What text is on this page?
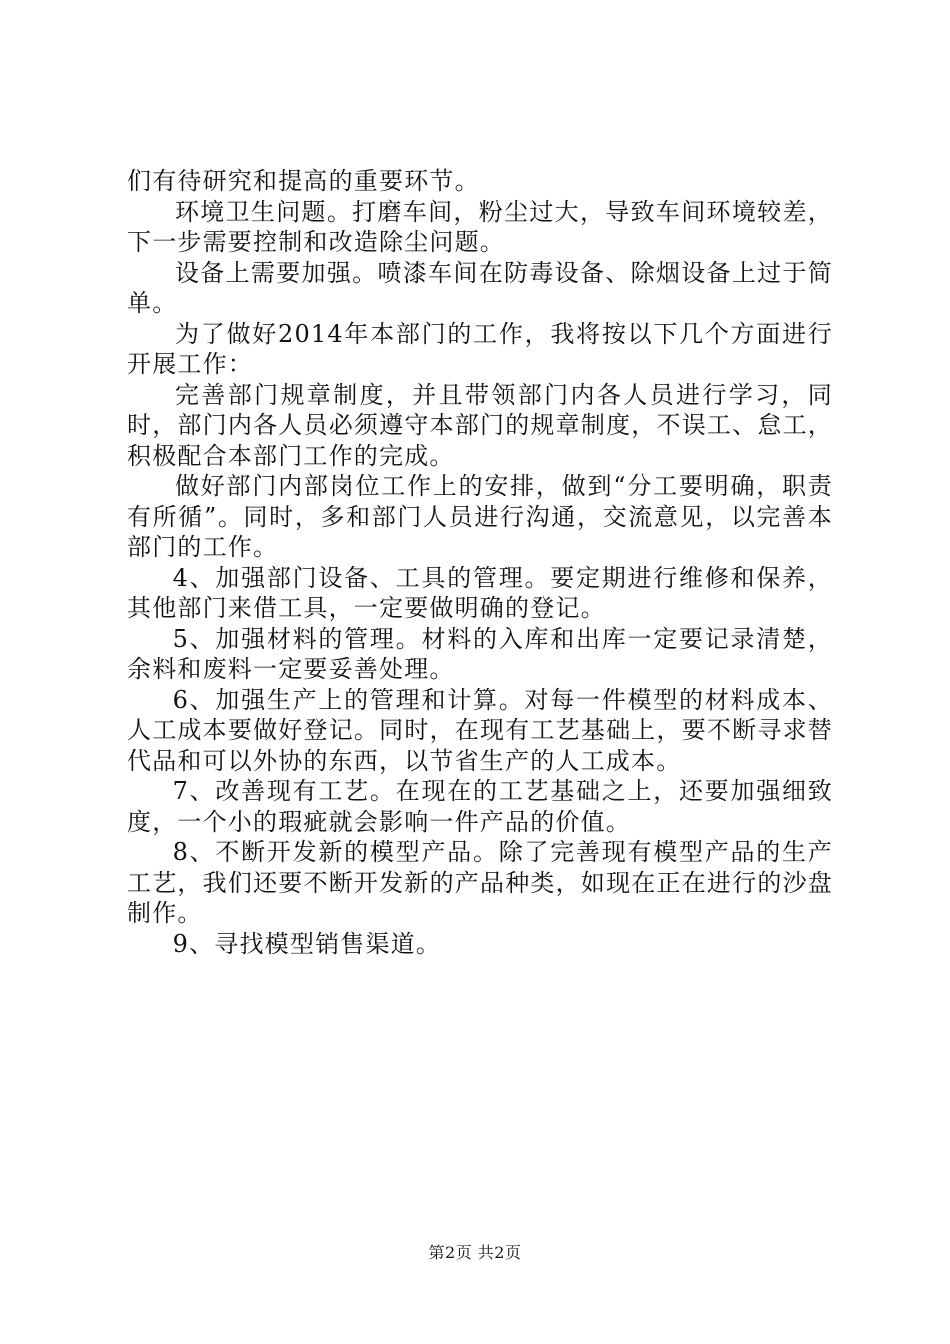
们有待研究和提高的重要环节。

环境卫生问题。打磨车间，粉尘过大，导致车间环境较差，下一步需要控制和改造除尘问题。

设备上需要加强。喷漆车间在防毒设备、除烟设备上过于简单。

为了做好2014年本部门的工作，我将按以下几个方面进行开展工作：

完善部门规章制度，并且带领部门内各人员进行学习，同时，部门内各人员必须遵守本部门的规章制度，不误工、怠工，积极配合本部门工作的完成。

做好部门内部岗位工作上的安排，做到“分工要明确，职责有所循”。同时，多和部门人员进行沟通，交流意见，以完善本部门的工作。

4、加强部门设备、工具的管理。要定期进行维修和保养，其他部门来借工具，一定要做明确的登记。

5、加强材料的管理。材料的入库和出库一定要记录清楚，余料和废料一定要妥善处理。

6、加强生产上的管理和计算。对每一件模型的材料成本、人工成本要做好登记。同时，在现有工艺基础上，要不断寻求替代品和可以外协的东西，以节省生产的人工成本。

7、改善现有工艺。在现在的工艺基础之上，还要加强细致度，一个小的瑕疵就会影响一件产品的价值。

8、不断开发新的模型产品。除了完善现有模型产品的生产工艺，我们还要不断开发新的产品种类，如现在正在进行的沙盘制作。

9、寻找模型销售渠道。

第2页 共2页
